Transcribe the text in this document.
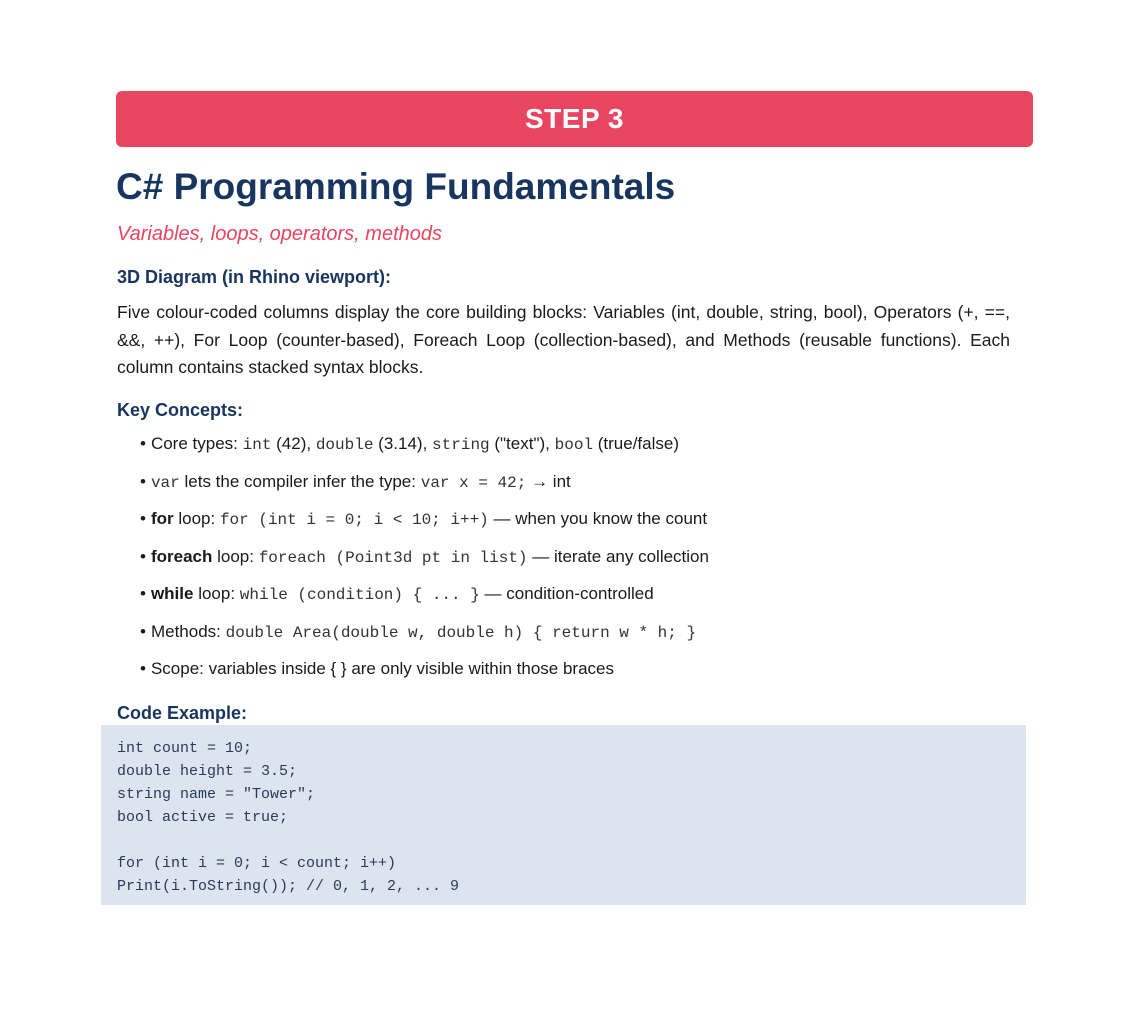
STEP 3
C# Programming Fundamentals

Variables, loops, operators, methods

3D Diagram (in Rhino viewport):

Five colour-coded columns display the core building blocks: Variables (int, double, string, bool), Operators (+, ==, &&, ++), For Loop (counter-based), Foreach Loop (collection-based), and Methods (reusable functions). Each column contains stacked syntax blocks.

Key Concepts:
• Core types: int (42), double (3.14), string ("text"), bool (true/false)
• var lets the compiler infer the type: var x = 42; → int
• for loop: for (int i = 0; i < 10; i++) — when you know the count
• foreach loop: foreach (Point3d pt in list) — iterate any collection
• while loop: while (condition) { ... } — condition-controlled
• Methods: double Area(double w, double h) { return w * h; }
• Scope: variables inside { } are only visible within those braces
Code Example:
int count = 10;
double height = 3.5;
string name = "Tower";
bool active = true;
for (int i = 0; i < count; i++)
Print(i.ToString()); // 0, 1, 2, ... 9
